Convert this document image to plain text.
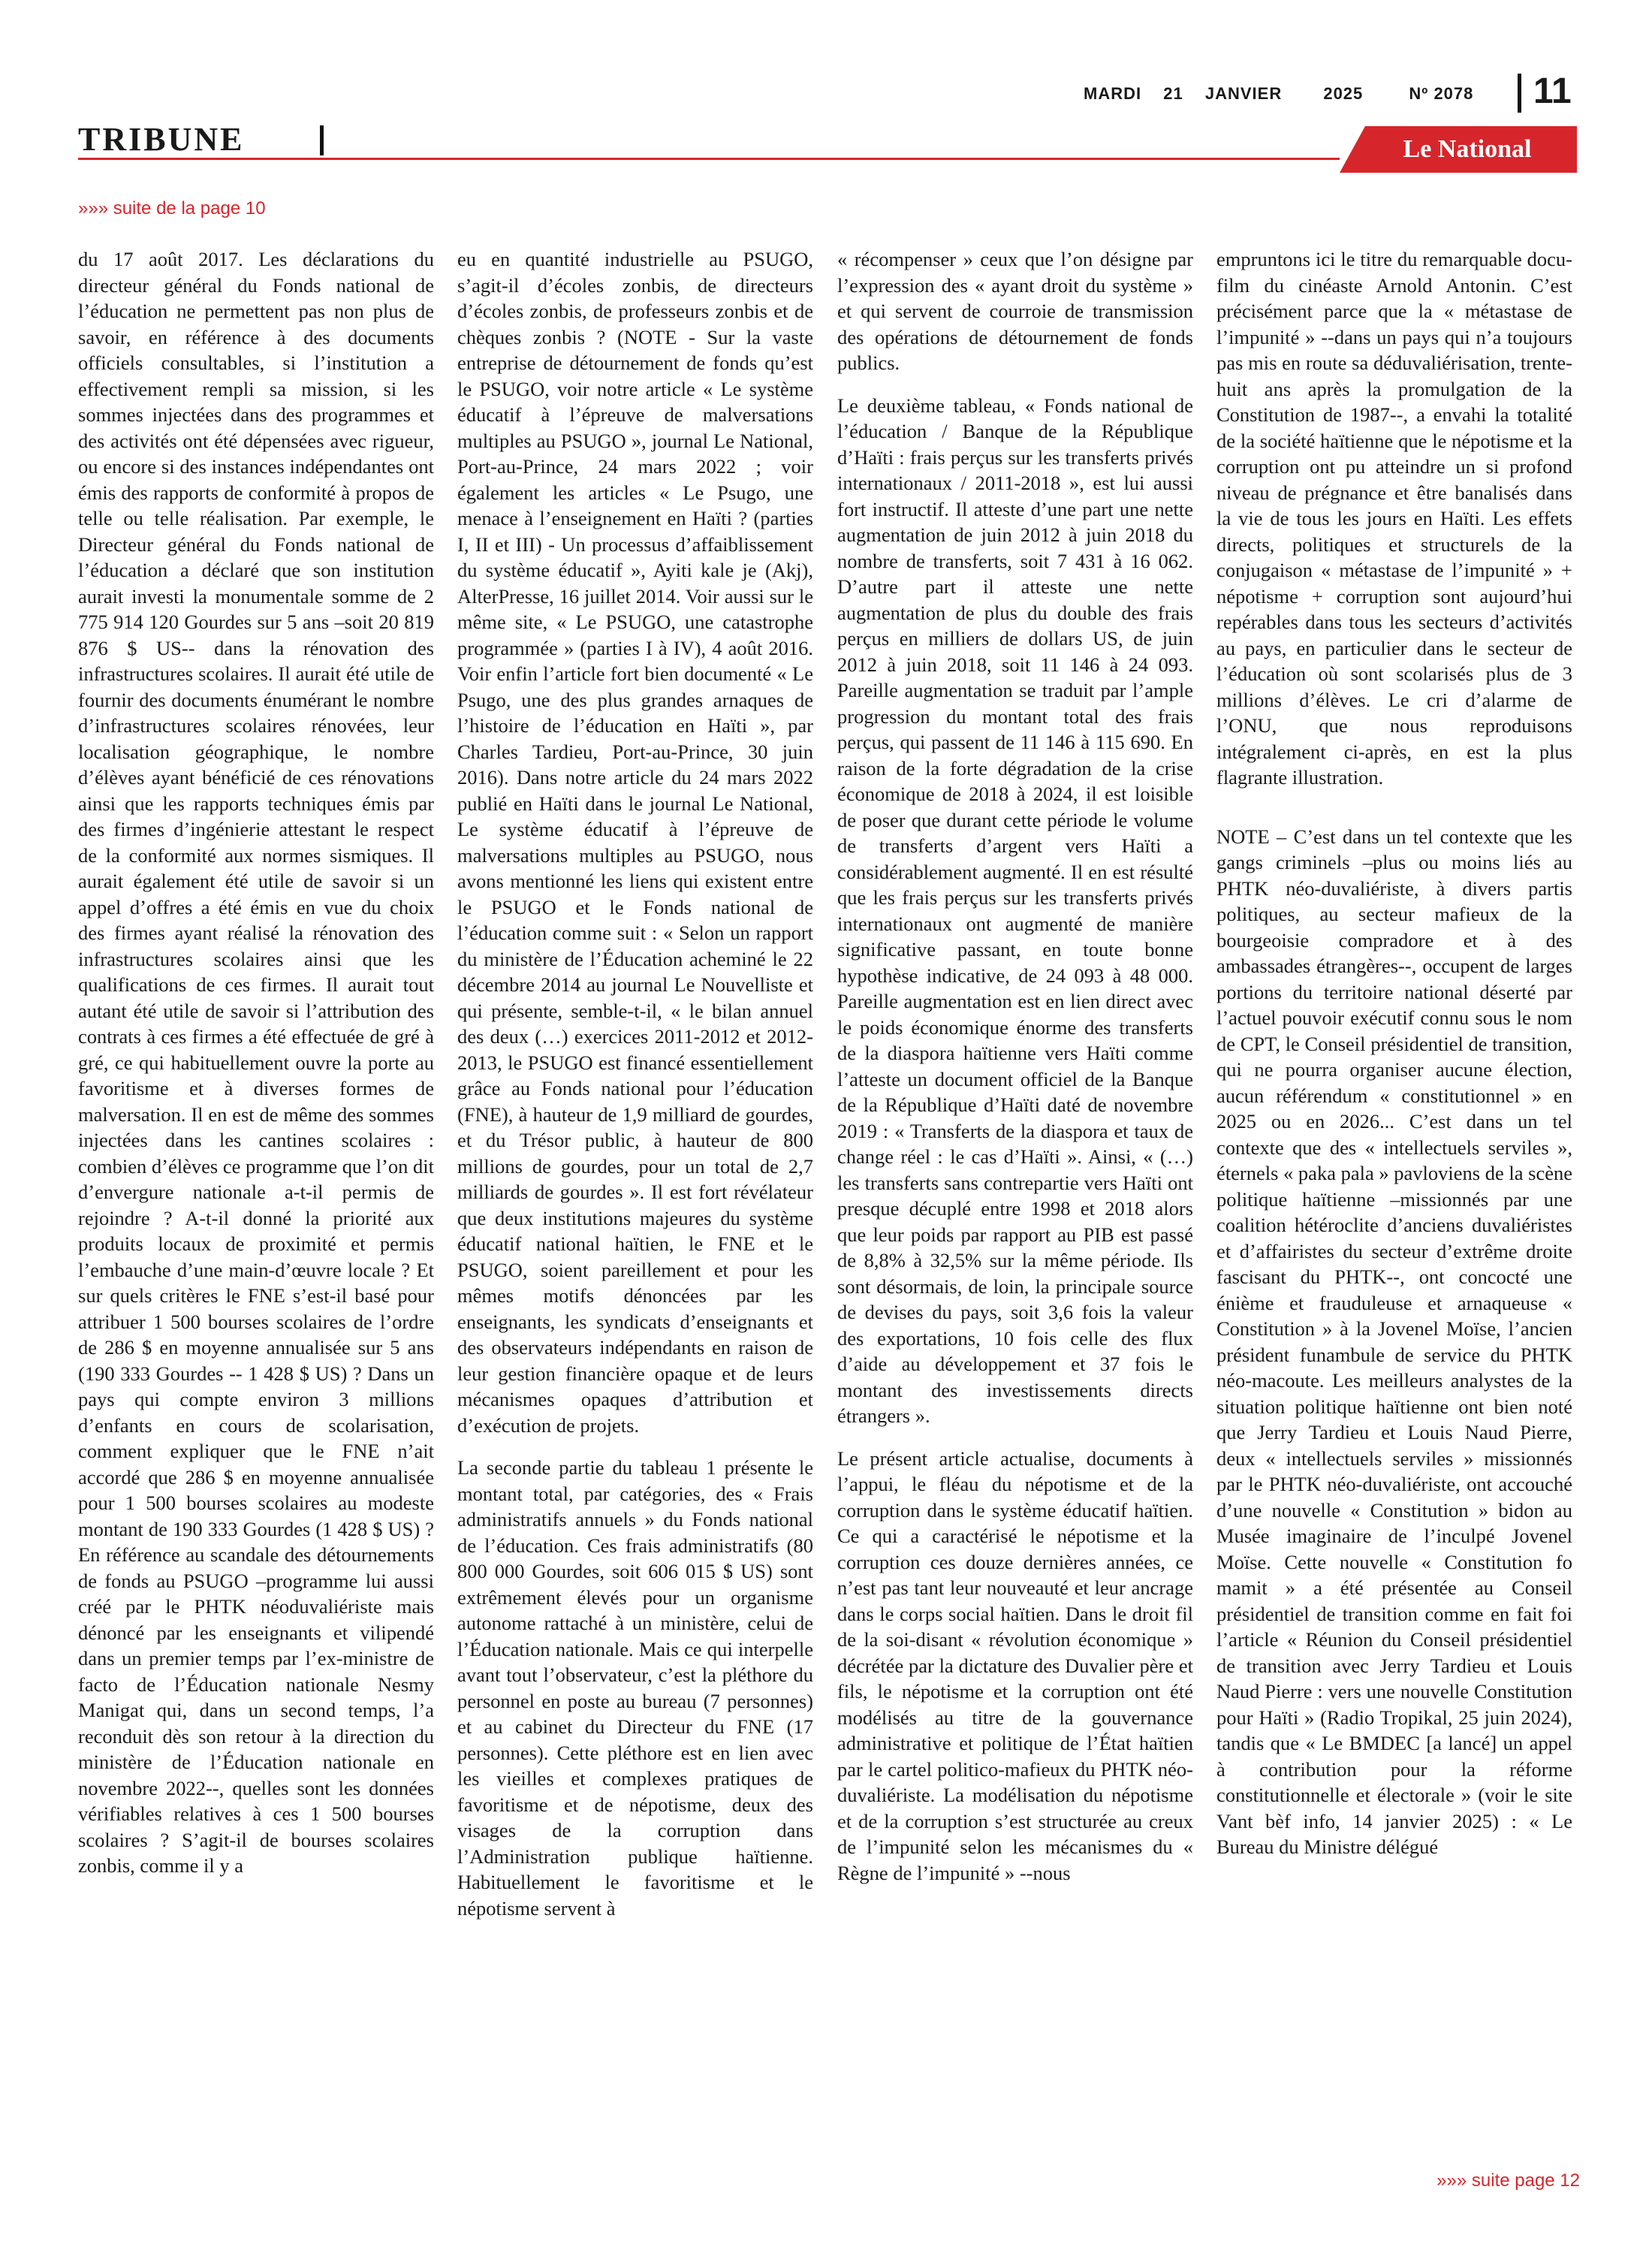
MARDI 21 JANVIER	2025	Nº 2078	11
TRIBUNE	Le National
»»» suite de la page 10

du 17 août 2017. Les déclarations du directeur général du Fonds national de l’éducation ne permettent pas non plus de savoir, en référence à des documents officiels consultables, si l’institution a effectivement rempli sa mission, si les sommes injectées dans des programmes et des activités ont été dépensées avec rigueur, ou encore si des instances indépendantes ont émis des rapports de conformité à propos de telle ou telle réalisation. Par exemple, le Directeur général du Fonds national de l’éducation a déclaré que son institution aurait investi la monumentale somme de 2 775 914 120 Gourdes sur 5 ans –soit 20 819 876 $ US-- dans la rénovation des infrastructures scolaires. Il aurait été utile de fournir des documents énumérant le nombre d’infrastructures scolaires rénovées, leur localisation géographique, le nombre d’élèves ayant bénéficié de ces rénovations ainsi que les rapports techniques émis par des firmes d’ingénierie attestant le respect de la conformité aux normes sismiques. Il aurait également été utile de savoir si un appel d’offres a été émis en vue du choix des firmes ayant réalisé la rénovation des infrastructures scolaires ainsi que les qualifications de ces firmes. Il aurait tout autant été utile de savoir si l’attribution des contrats à ces firmes a été effectuée de gré à gré, ce qui habituellement ouvre la porte au favoritisme et à diverses formes de malversation. Il en est de même des sommes injectées dans les cantines scolaires : combien d’élèves ce programme que l’on dit d’envergure nationale a-t-il permis de rejoindre ? A-t-il donné la priorité aux produits locaux de proximité et permis l’embauche d’une main-d’œuvre locale ? Et sur quels critères le FNE s’est-il basé pour attribuer 1 500 bourses scolaires de l’ordre de 286 $ en moyenne annualisée sur 5 ans (190 333 Gourdes -- 1 428 $ US) ? Dans un pays qui compte environ 3 millions d’enfants en cours de scolarisation, comment expliquer que le FNE n’ait accordé que 286 $ en moyenne annualisée pour 1 500 bourses scolaires au modeste montant de 190 333 Gourdes (1 428 $ US) ? En référence au scandale des détournements de fonds au PSUGO –programme lui aussi créé par le PHTK néoduvaliériste mais dénoncé par les enseignants et vilipendé dans un premier temps par l’ex-ministre de facto de l’Éducation nationale Nesmy Manigat qui, dans un second temps, l’a reconduit dès son retour à la direction du ministère de l’Éducation nationale en novembre 2022--, quelles sont les données vérifiables relatives à ces 1 500 bourses scolaires ? S’agit-il de bourses scolaires zonbis, comme il y a

eu en quantité industrielle au PSUGO, s’agit-il d’écoles zonbis, de directeurs d’écoles zonbis, de professeurs zonbis et de chèques zonbis ? (NOTE - Sur la vaste entreprise de détournement de fonds qu’est le PSUGO, voir notre article « Le système éducatif à l’épreuve de malversations multiples au PSUGO », journal Le National, Port-au-Prince, 24 mars 2022 ; voir également les articles « Le Psugo, une menace à l’enseignement en Haïti ? (parties I, II et III) - Un processus d’affaiblissement du système éducatif », Ayiti kale je (Akj), AlterPresse, 16 juillet 2014. Voir aussi sur le même site, « Le PSUGO, une catastrophe programmée » (parties I à IV), 4 août 2016. Voir enfin l’article fort bien documenté « Le Psugo, une des plus grandes arnaques de l’histoire de l’éducation en Haïti », par Charles Tardieu, Port-au-Prince, 30 juin 2016). Dans notre article du 24 mars 2022 publié en Haïti dans le journal Le National, Le système éducatif à l’épreuve de malversations multiples au PSUGO, nous avons mentionné les liens qui existent entre le PSUGO et le Fonds national de l’éducation comme suit : « Selon un rapport du ministère de l’Éducation acheminé le 22 décembre 2014 au journal Le Nouvelliste et qui présente, semble-t-il, « le bilan annuel des deux (…) exercices 2011-2012 et 2012-2013, le PSUGO est financé essentiellement grâce au Fonds national pour l’éducation (FNE), à hauteur de 1,9 milliard de gourdes, et du Trésor public, à hauteur de 800 millions de gourdes, pour un total de 2,7 milliards de gourdes ». Il est fort révélateur que deux institutions majeures du système éducatif national haïtien, le FNE et le PSUGO, soient pareillement et pour les mêmes motifs dénoncées par les enseignants, les syndicats d’enseignants et des observateurs indépendants en raison de leur gestion financière opaque et de leurs mécanismes opaques d’attribution et d’exécution de projets.

La seconde partie du tableau 1 présente le montant total, par catégories, des « Frais administratifs annuels » du Fonds national de l’éducation. Ces frais administratifs (80 800 000 Gourdes, soit 606 015 $ US) sont extrêmement élevés pour un organisme autonome rattaché à un ministère, celui de l’Éducation nationale. Mais ce qui interpelle avant tout l’observateur, c’est la pléthore du personnel en poste au bureau (7 personnes) et au cabinet du Directeur du FNE (17 personnes). Cette pléthore est en lien avec les vieilles et complexes pratiques de favoritisme et de népotisme, deux des visages de la corruption dans l’Administration publique haïtienne. Habituellement le favoritisme et le népotisme servent à

« récompenser » ceux que l’on désigne par l’expression des « ayant droit du système » et qui servent de courroie de transmission des opérations de détournement de fonds publics.

Le deuxième tableau, « Fonds national de l’éducation / Banque de la République d’Haïti : frais perçus sur les transferts privés internationaux / 2011-2018 », est lui aussi fort instructif. Il atteste d’une part une nette augmentation de juin 2012 à juin 2018 du nombre de transferts, soit 7 431 à 16 062. D’autre part il atteste une nette augmentation de plus du double des frais perçus en milliers de dollars US, de juin 2012 à juin 2018, soit 11 146 à 24 093. Pareille augmentation se traduit par l’ample progression du montant total des frais perçus, qui passent de 11 146 à 115 690. En raison de la forte dégradation de la crise économique de 2018 à 2024, il est loisible de poser que durant cette période le volume de transferts d’argent vers Haïti a considérablement augmenté. Il en est résulté que les frais perçus sur les transferts privés internationaux ont augmenté de manière significative passant, en toute bonne hypothèse indicative, de 24 093 à 48 000. Pareille augmentation est en lien direct avec le poids économique énorme des transferts de la diaspora haïtienne vers Haïti comme l’atteste un document officiel de la Banque de la République d’Haïti daté de novembre 2019 : « Transferts de la diaspora et taux de change réel : le cas d’Haïti ». Ainsi, « (…) les transferts sans contrepartie vers Haïti ont presque décuplé entre 1998 et 2018 alors que leur poids par rapport au PIB est passé de 8,8% à 32,5% sur la même période. Ils sont désormais, de loin, la principale source de devises du pays, soit 3,6 fois la valeur des exportations, 10 fois celle des flux d’aide au développement et 37 fois le montant des investissements directs étrangers ».

Le présent article actualise, documents à l’appui, le fléau du népotisme et de la corruption dans le système éducatif haïtien. Ce qui a caractérisé le népotisme et la corruption ces douze dernières années, ce n’est pas tant leur nouveauté et leur ancrage dans le corps social haïtien. Dans le droit fil de la soi-disant « révolution économique » décrétée par la dictature des Duvalier père et fils, le népotisme et la corruption ont été modélisés au titre de la gouvernance administrative et politique de l’État haïtien par le cartel politico-mafieux du PHTK néo-duvaliériste. La modélisation du népotisme et de la corruption s’est structurée au creux de l’impunité selon les mécanismes du « Règne de l’impunité » --nous

empruntons ici le titre du remarquable docu-film du cinéaste Arnold Antonin. C’est précisément parce que la « métastase de l’impunité » --dans un pays qui n’a toujours pas mis en route sa déduvaliérisation, trente-huit ans après la promulgation de la Constitution de 1987--, a envahi la totalité de la société haïtienne que le népotisme et la corruption ont pu atteindre un si profond niveau de prégnance et être banalisés dans la vie de tous les jours en Haïti. Les effets directs, politiques et structurels de la conjugaison « métastase de l’impunité » + népotisme + corruption sont aujourd’hui repérables dans tous les secteurs d’activités au pays, en particulier dans le secteur de l’éducation où sont scolarisés plus de 3 millions d’élèves. Le cri d’alarme de l’ONU, que nous reproduisons intégralement ci-après, en est la plus flagrante illustration.

NOTE – C’est dans un tel contexte que les gangs criminels –plus ou moins liés au PHTK néo-duvaliériste, à divers partis politiques, au secteur mafieux de la bourgeoisie compradore et à des ambassades étrangères--, occupent de larges portions du territoire national déserté par l’actuel pouvoir exécutif connu sous le nom de CPT, le Conseil présidentiel de transition, qui ne pourra organiser aucune élection, aucun référendum « constitutionnel » en 2025 ou en 2026... C’est dans un tel contexte que des « intellectuels serviles », éternels « paka pala » pavloviens de la scène politique haïtienne –missionnés par une coalition hétéroclite d’anciens duvaliéristes et d’affairistes du secteur d’extrême droite fascisant du PHTK--, ont concocté une énième et frauduleuse et arnaqueuse « Constitution » à la Jovenel Moïse, l’ancien président funambule de service du PHTK néo-macoute. Les meilleurs analystes de la situation politique haïtienne ont bien noté que Jerry Tardieu et Louis Naud Pierre, deux « intellectuels serviles » missionnés par le PHTK néo-duvaliériste, ont accouché d’une nouvelle « Constitution » bidon au Musée imaginaire de l’inculpé Jovenel Moïse. Cette nouvelle « Constitution fo mamit » a été présentée au Conseil présidentiel de transition comme en fait foi l’article « Réunion du Conseil présidentiel de transition avec Jerry Tardieu et Louis Naud Pierre : vers une nouvelle Constitution pour Haïti » (Radio Tropikal, 25 juin 2024), tandis que « Le BMDEC [a lancé] un appel à contribution pour la réforme constitutionnelle et électorale » (voir le site Vant bèf info, 14 janvier 2025) : « Le Bureau du Ministre délégué

»»» suite page 12
